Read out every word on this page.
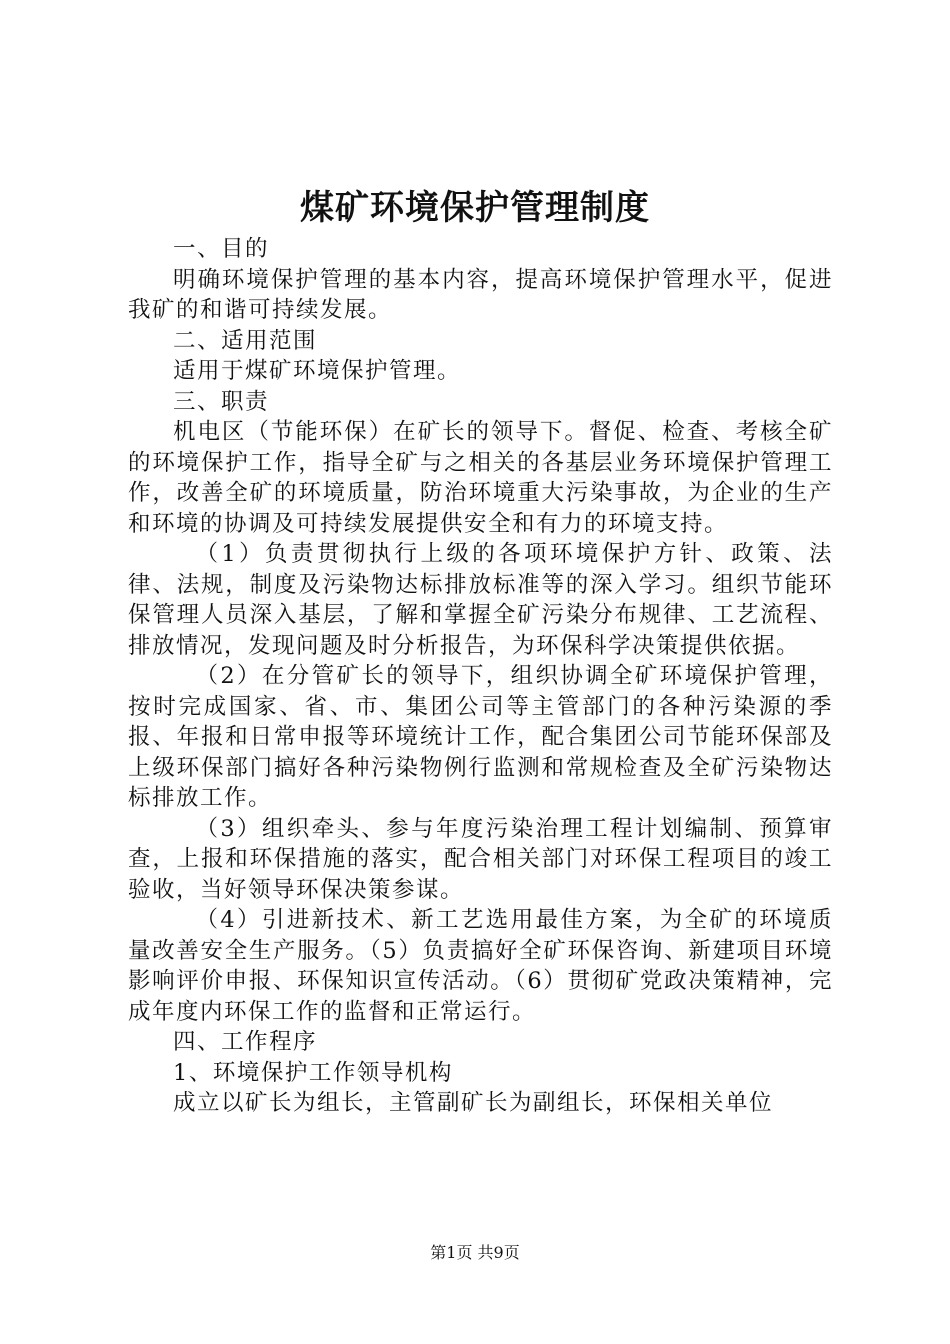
煤矿环境保护管理制度

一、目的

明确环境保护管理的基本内容，提高环境保护管理水平，促进我矿的和谐可持续发展。

二、适用范围

适用于煤矿环境保护管理。

三、职责

机电区（节能环保）在矿长的领导下。督促、检查、考核全矿的环境保护工作，指导全矿与之相关的各基层业务环境保护管理工作，改善全矿的环境质量，防治环境重大污染事故，为企业的生产和环境的协调及可持续发展提供安全和有力的环境支持。

（1）负责贯彻执行上级的各项环境保护方针、政策、法律、法规，制度及污染物达标排放标准等的深入学习。组织节能环保管理人员深入基层，了解和掌握全矿污染分布规律、工艺流程、排放情况，发现问题及时分析报告，为环保科学决策提供依据。

（2）在分管矿长的领导下，组织协调全矿环境保护管理，按时完成国家、省、市、集团公司等主管部门的各种污染源的季报、年报和日常申报等环境统计工作，配合集团公司节能环保部及上级环保部门搞好各种污染物例行监测和常规检查及全矿污染物达标排放工作。

（3）组织牵头、参与年度污染治理工程计划编制、预算审查，上报和环保措施的落实，配合相关部门对环保工程项目的竣工验收，当好领导环保决策参谋。

（4）引进新技术、新工艺选用最佳方案，为全矿的环境质量改善安全生产服务。（5）负责搞好全矿环保咨询、新建项目环境影响评价申报、环保知识宣传活动。（6）贯彻矿党政决策精神，完成年度内环保工作的监督和正常运行。

四、工作程序

1、环境保护工作领导机构

成立以矿长为组长，主管副矿长为副组长，环保相关单位

第1页 共9页
